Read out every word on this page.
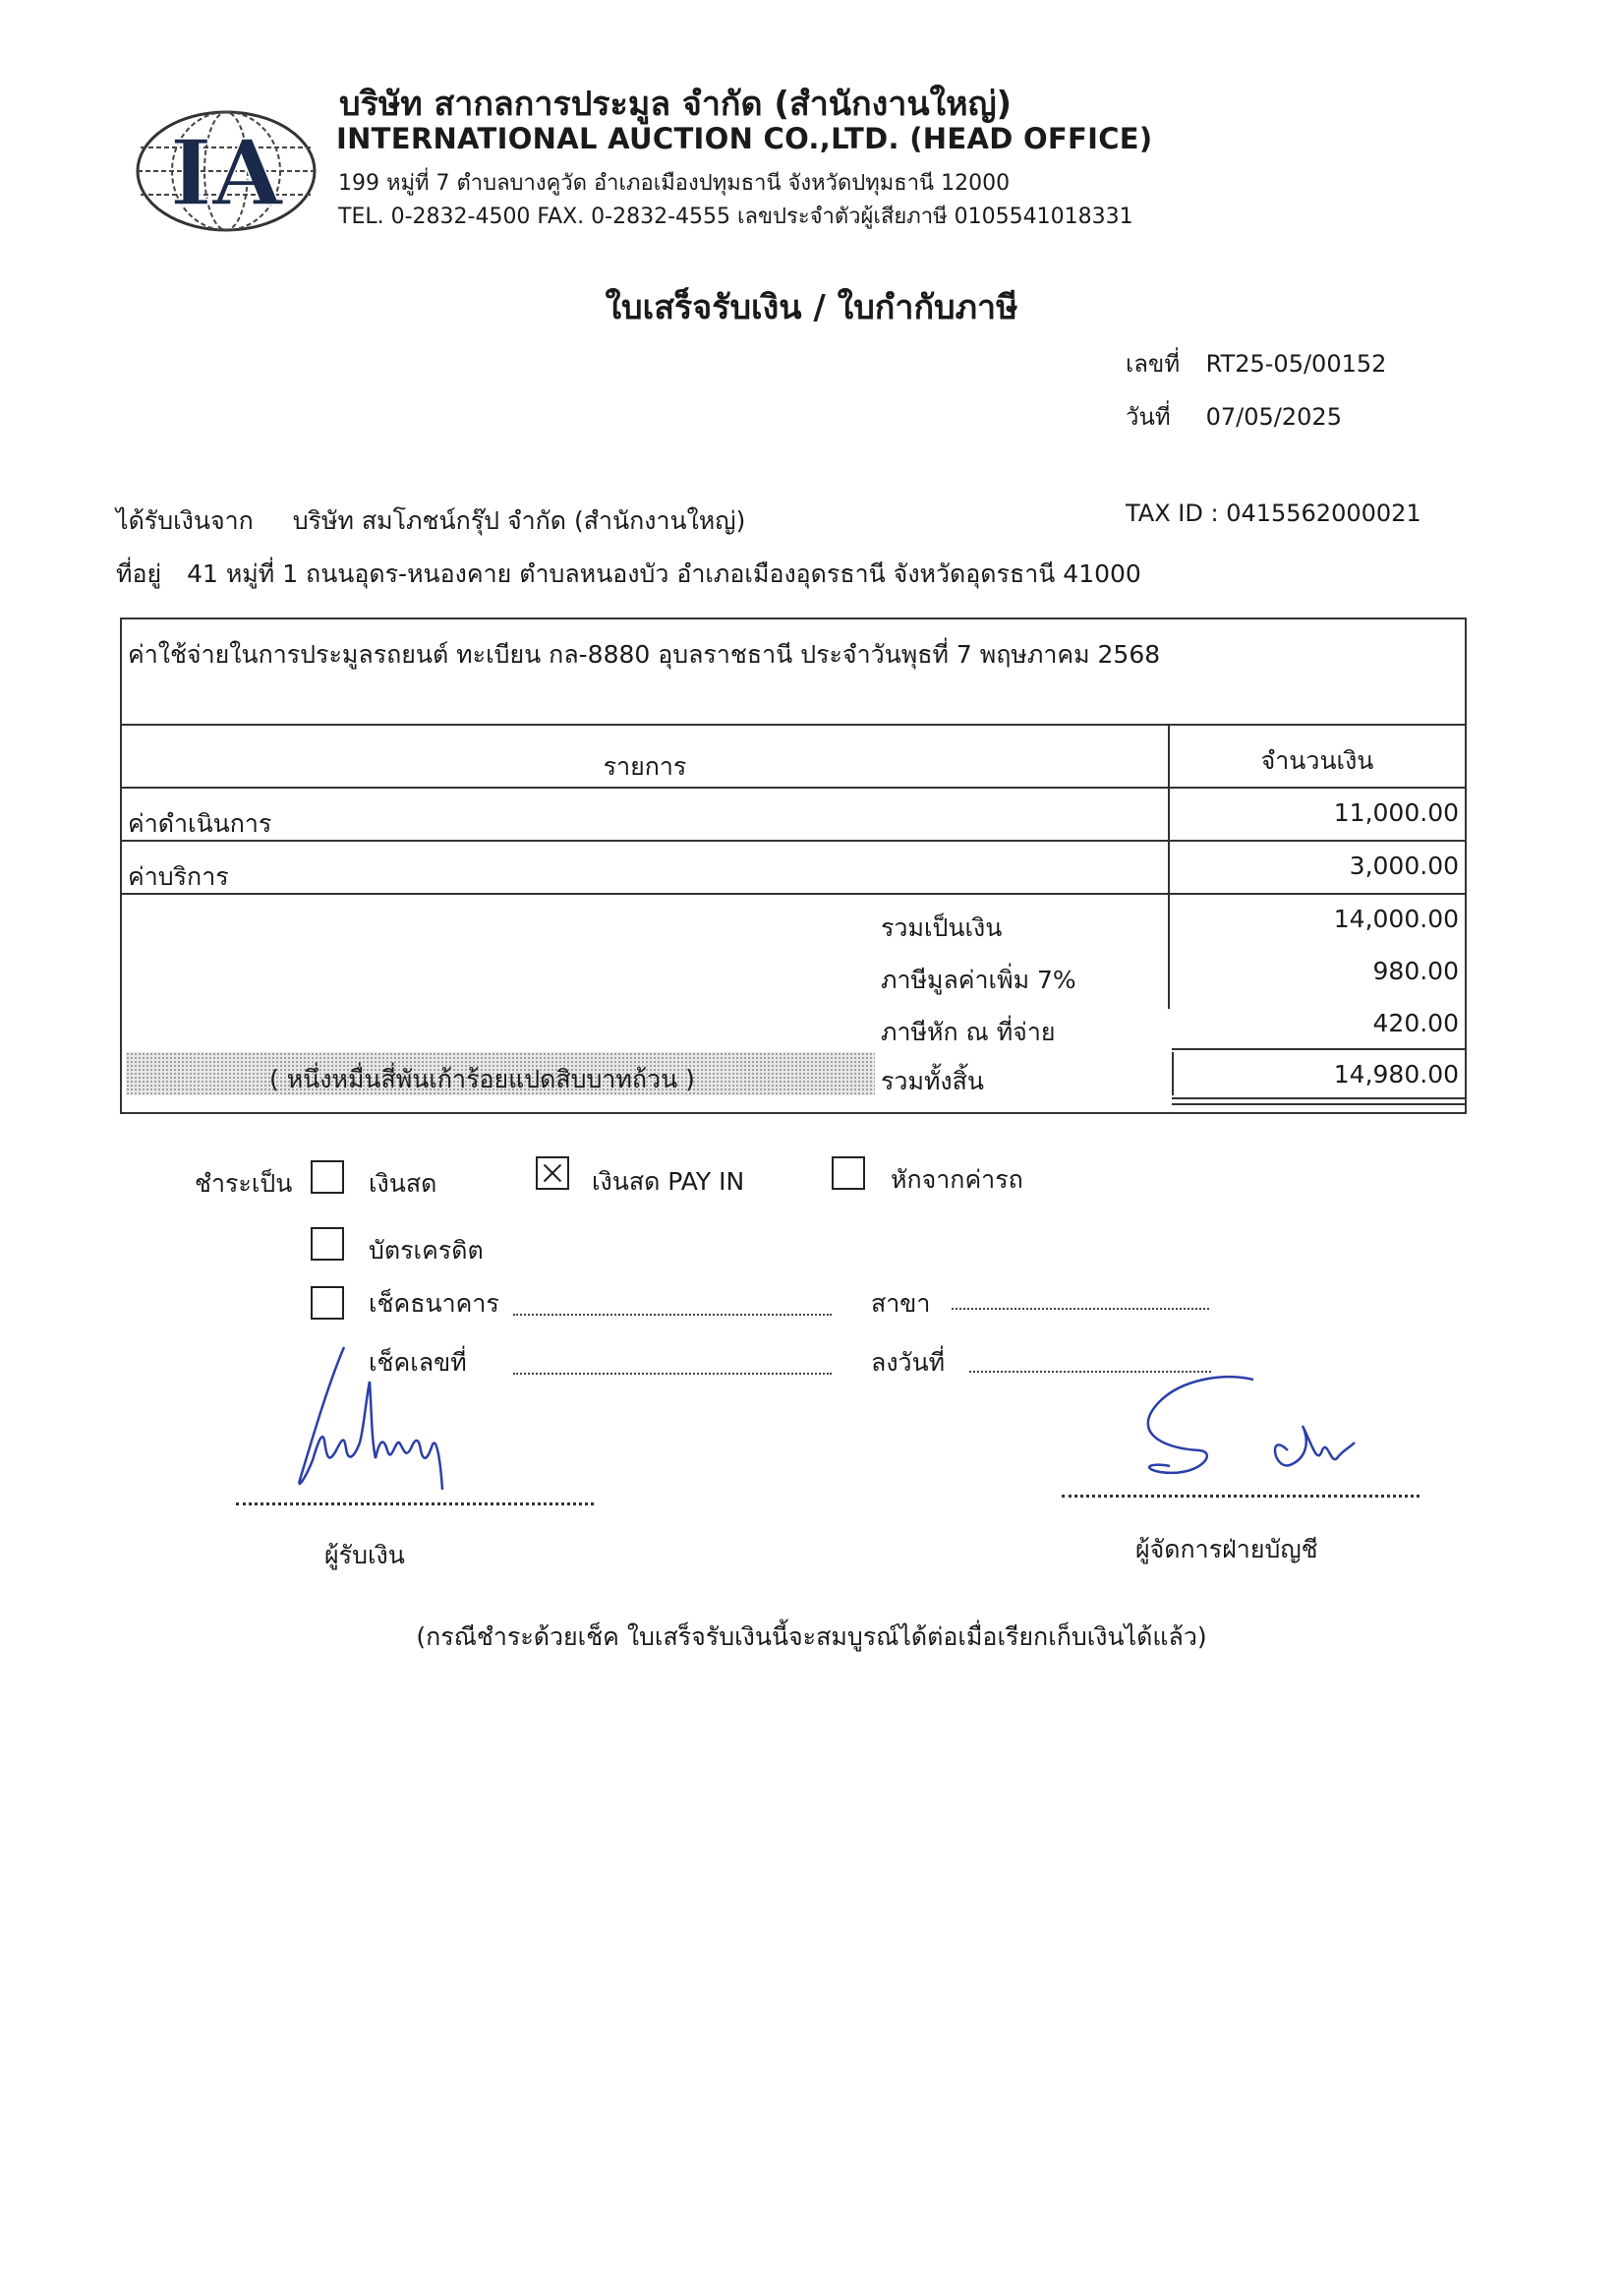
IA
บริษัท สากลการประมูล จำกัด (สำนักงานใหญ่)
INTERNATIONAL AUCTION CO.,LTD. (HEAD OFFICE)
199 หมู่ที่ 7 ตำบลบางคูวัด อำเภอเมืองปทุมธานี จังหวัดปทุมธานี 12000
TEL. 0-2832-4500 FAX. 0-2832-4555 เลขประจำตัวผู้เสียภาษี 0105541018331
ใบเสร็จรับเงิน / ใบกำกับภาษี
เลขที่ RT25-05/00152
วันที่ 07/05/2025
ได้รับเงินจาก บริษัท สมโภชน์กรุ๊ป จำกัด (สำนักงานใหญ่)	TAX ID : 0415562000021
ที่อยู่ 41 หมู่ที่ 1 ถนนอุดร-หนองคาย ตำบลหนองบัว อำเภอเมืองอุดรธานี จังหวัดอุดรธานี 41000
ค่าใช้จ่ายในการประมูลรถยนต์ ทะเบียน กล-8880 อุบลราชธานี ประจำวันพุธที่ 7 พฤษภาคม 2568
รายการ	จำนวนเงิน
ค่าดำเนินการ	11,000.00
ค่าบริการ	3,000.00
รวมเป็นเงิน	14,000.00
ภาษีมูลค่าเพิ่ม 7%	980.00
ภาษีหัก ณ ที่จ่าย	420.00
( หนึ่งหมื่นสี่พันเก้าร้อยแปดสิบบาทถ้วน )	รวมทั้งสิ้น	14,980.00
ชำระเป็น	เงินสด	เงินสด PAY IN	หักจากค่ารถ
บัตรเครดิต
เช็คธนาคาร	สาขา
เช็คเลขที่	ลงวันที่
ผู้รับเงิน	ผู้จัดการฝ่ายบัญชี
(กรณีชำระด้วยเช็ค ใบเสร็จรับเงินนี้จะสมบูรณ์ได้ต่อเมื่อเรียกเก็บเงินได้แล้ว)
